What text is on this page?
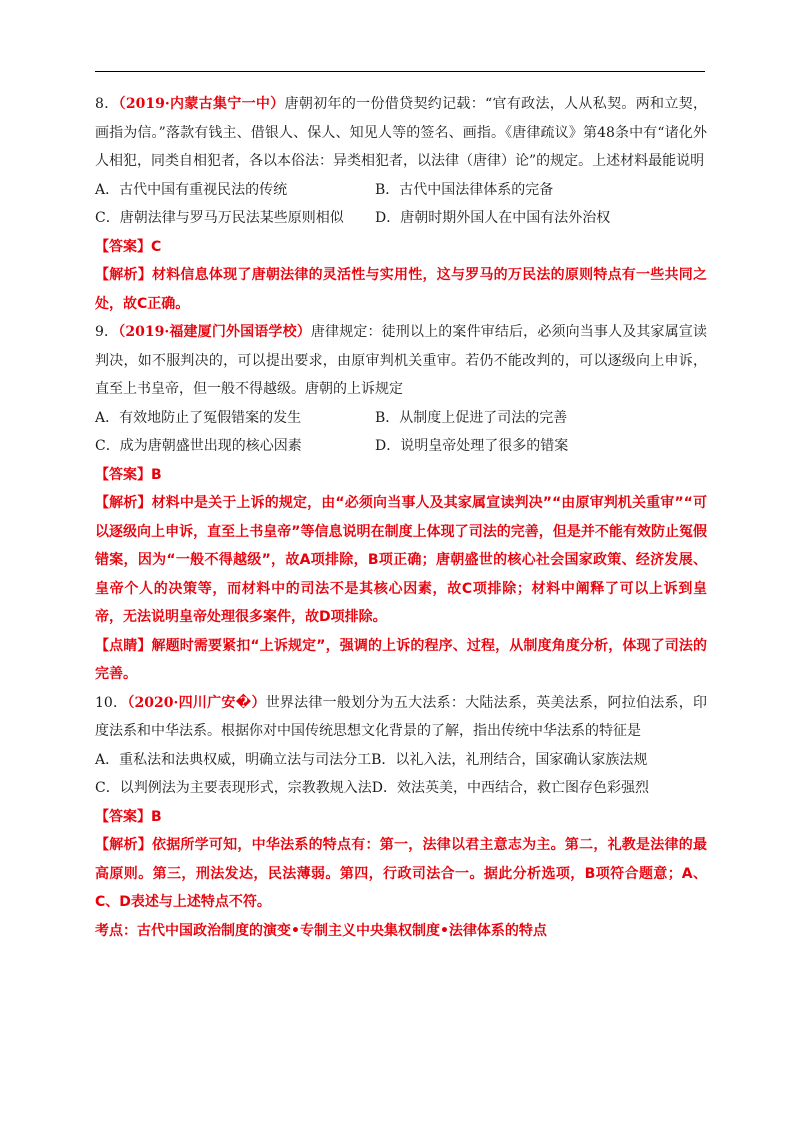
8．（2019·内蒙古集宁一中）唐朝初年的一份借贷契约记载：“官有政法，人从私契。两和立契，画指为信。”落款有钱主、借银人、保人、知见人等的签名、画指。《唐律疏议》第48条中有“诸化外人相犯，同类自相犯者，各以本俗法：异类相犯者，以法律（唐律）论”的规定。上述材料最能说明

A．古代中国有重视民法的传统	B．古代中国法律体系的完备
C．唐朝法律与罗马万民法某些原则相似	D．唐朝时期外国人在中国有法外治权

【答案】C

【解析】材料信息体现了唐朝法律的灵活性与实用性，这与罗马的万民法的原则特点有一些共同之处，故C正确。

9．（2019·福建厦门外国语学校）唐律规定：徒刑以上的案件审结后，必须向当事人及其家属宣读判决，如不服判决的，可以提出要求，由原审判机关重审。若仍不能改判的，可以逐级向上申诉，直至上书皇帝，但一般不得越级。唐朝的上诉规定

A．有效地防止了冤假错案的发生	B．从制度上促进了司法的完善
C．成为唐朝盛世出现的核心因素	D．说明皇帝处理了很多的错案

【答案】B

【解析】材料中是关于上诉的规定，由“必须向当事人及其家属宣读判决”“由原审判机关重审”“可以逐级向上申诉，直至上书皇帝”等信息说明在制度上体现了司法的完善，但是并不能有效防止冤假错案，因为“一般不得越级”，故A项排除，B项正确；唐朝盛世的核心社会国家政策、经济发展、皇帝个人的决策等，而材料中的司法不是其核心因素，故C项排除；材料中阐释了可以上诉到皇帝，无法说明皇帝处理很多案件，故D项排除。

【点睛】解题时需要紧扣“上诉规定”，强调的上诉的程序、过程，从制度角度分析，体现了司法的完善。

10．（2020·四川广安�）世界法律一般划分为五大法系：大陆法系，英美法系，阿拉伯法系，印度法系和中华法系。根据你对中国传统思想文化背景的了解，指出传统中华法系的特征是

A．重私法和法典权威，明确立法与司法分工 B．以礼入法，礼刑结合，国家确认家族法规
C．以判例法为主要表现形式，宗教教规入法 D．效法英美，中西结合，救亡图存色彩强烈

【答案】B

【解析】依据所学可知，中华法系的特点有：第一，法律以君主意志为主。第二，礼教是法律的最高原则。第三，刑法发达，民法薄弱。第四，行政司法合一。据此分析选项，B项符合题意；A、C、D表述与上述特点不符。

考点：古代中国政治制度的演变•专制主义中央集权制度•法律体系的特点
